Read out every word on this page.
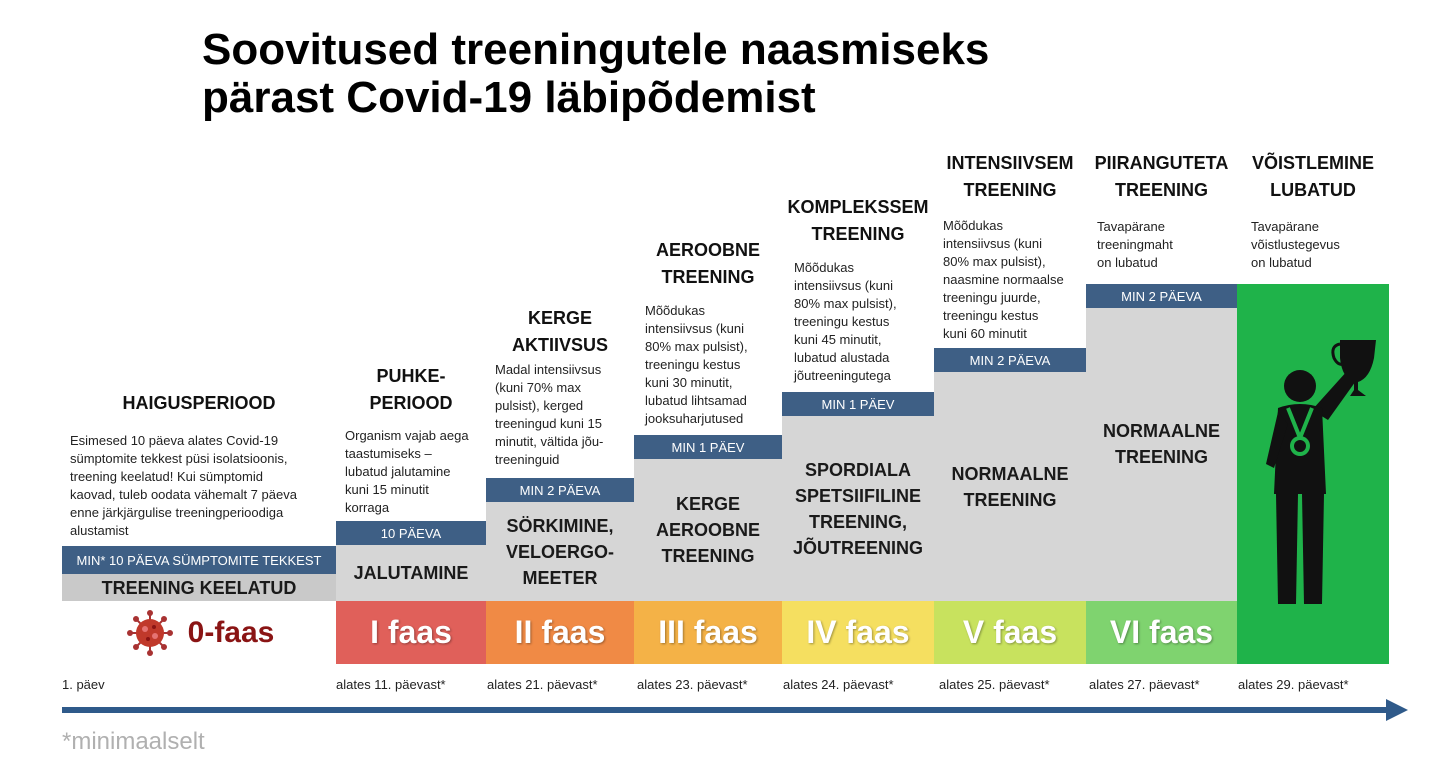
Soovitused treeningutele naasmiseks
pärast Covid-19 läbipõdemist
HAIGUSPERIOOD
Esimesed 10 päeva alates Covid-19
sümptomite tekkest püsi isolatsioonis,
treening keelatud! Kui sümptomid
kaovad, tuleb oodata vähemalt 7 päeva
enne järkjärgulise treeningperioodiga
alustamist
MIN* 10 PÄEVA SÜMPTOMITE TEKKEST
TREENING KEELATUD
0-faas
1. päev
PUHKE-
PERIOOD
Organism vajab aega
taastumiseks –
lubatud jalutamine
kuni 15 minutit
korraga
10 PÄEVA
JALUTAMINE
I faas
alates 11. päevast*
KERGE
AKTIIVSUS
Madal intensiivsus
(kuni 70% max
pulsist), kerged
treeningud kuni 15
minutit, vältida jõu-
treeninguid
MIN 2 PÄEVA
SÖRKIMINE,
VELOERGO-
MEETER
II faas
alates 21. päevast*
AEROOBNE
TREENING
Mõõdukas
intensiivsus (kuni
80% max pulsist),
treeningu kestus
kuni 30 minutit,
lubatud lihtsamad
jooksuharjutused
MIN 1 PÄEV
KERGE
AEROOBNE
TREENING
III faas
alates 23. päevast*
KOMPLEKSSEM
TREENING
Mõõdukas
intensiivsus (kuni
80% max pulsist),
treeningu kestus
kuni 45 minutit,
lubatud alustada
jõutreeningutega
MIN 1 PÄEV
SPORDIALA
SPETSIIFILINE
TREENING,
JÕUTREENING
IV faas
alates 24. päevast*
INTENSIIVSEM
TREENING
Mõõdukas
intensiivsus (kuni
80% max pulsist),
naasmine normaalse
treeningu juurde,
treeningu kestus
kuni 60 minutit
MIN 2 PÄEVA
NORMAALNE
TREENING
V faas
alates 25. päevast*
PIIRANGUTETA
TREENING
Tavapärane
treeningmaht
on lubatud
MIN 2 PÄEVA
NORMAALNE
TREENING
VI faas
alates 27. päevast*
VÕISTLEMINE
LUBATUD
Tavapärane
võistlustegevus
on lubatud
alates 29. päevast*
*minimaalselt
